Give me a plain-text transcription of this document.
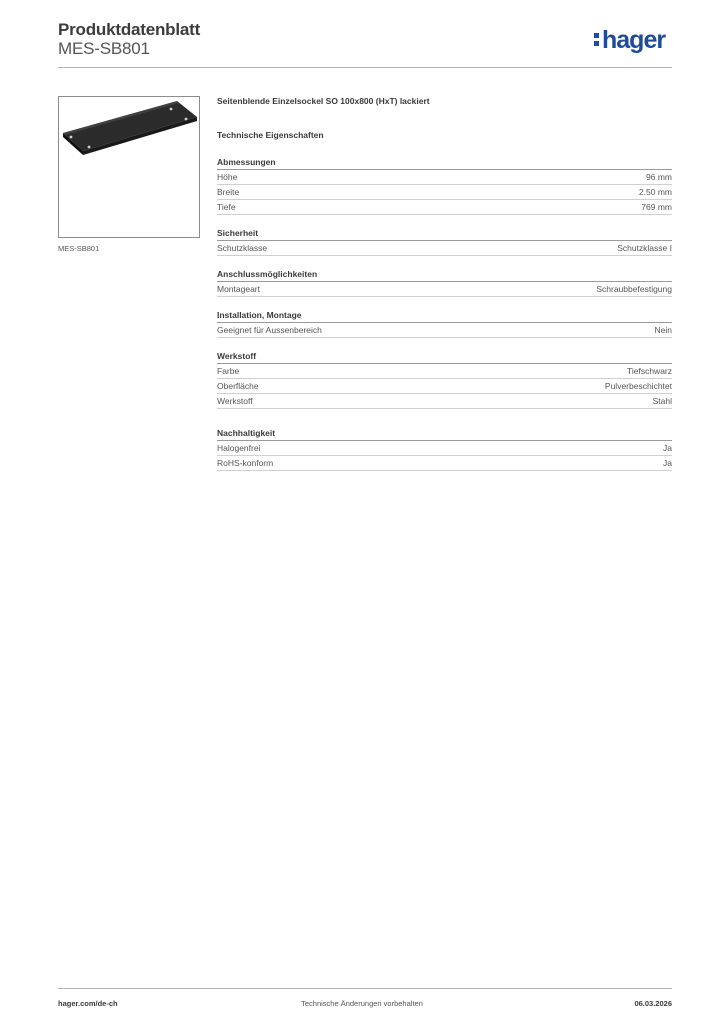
Produktdatenblatt
MES-SB801	hager
MES-SB801
Seitenblende Einzelsockel SO 100x800 (HxT) lackiert
Technische Eigenschaften
Abmessungen
Höhe	96 mm
Breite	2.50 mm
Tiefe	769 mm
Sicherheit
Schutzklasse	Schutzklasse I
Anschlussmöglichkeiten
Montageart	Schraubbefestigung
Installation, Montage
Geeignet für Aussenbereich	Nein
Werkstoff
Farbe	Tiefschwarz
Oberfläche	Pulverbeschichtet
Werkstoff	Stahl
Nachhaltigkeit
Halogenfrei	Ja
RoHS-konform	Ja
hager.com/de-ch	Technische Änderungen vorbehalten	06.03.2026
